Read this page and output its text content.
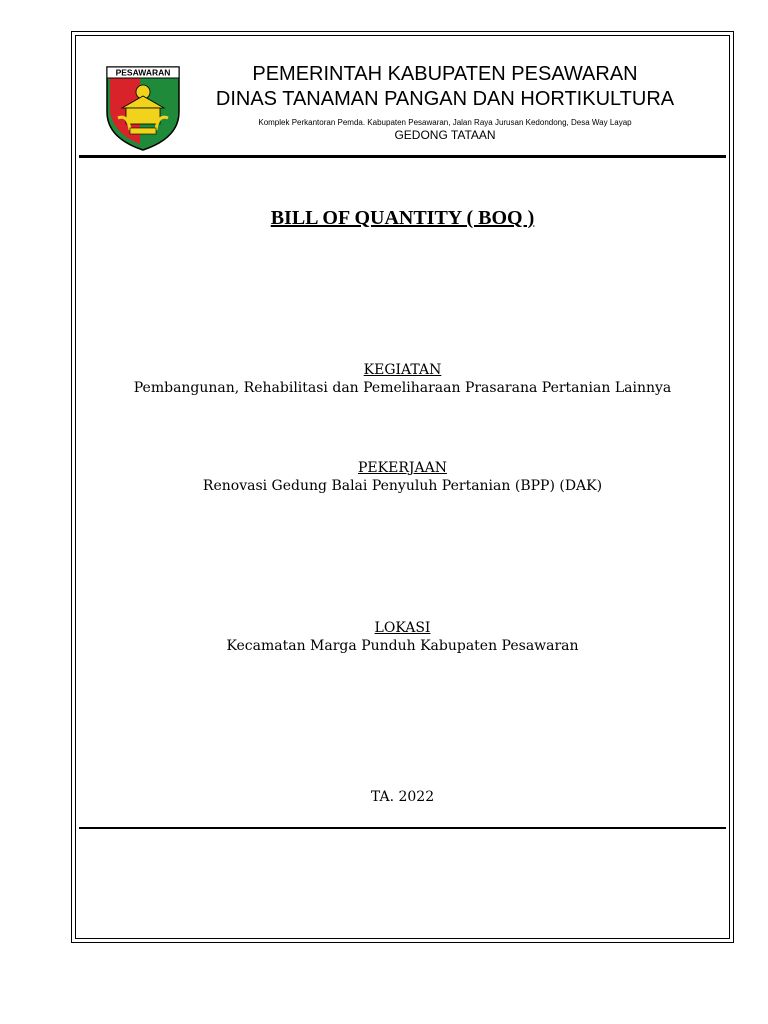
PESAWARAN	PEMERINTAH KABUPATEN PESAWARAN
DINAS TANAMAN PANGAN DAN HORTIKULTURA
Komplek Perkantoran Pemda. Kabupaten Pesawaran, Jalan Raya Jurusan Kedondong, Desa Way Layap
GEDONG TATAAN
BILL OF QUANTITY ( BOQ )
KEGIATAN
Pembangunan, Rehabilitasi dan Pemeliharaan Prasarana Pertanian Lainnya
PEKERJAAN
Renovasi Gedung Balai Penyuluh Pertanian (BPP) (DAK)
LOKASI
Kecamatan Marga Punduh Kabupaten Pesawaran
TA. 2022
